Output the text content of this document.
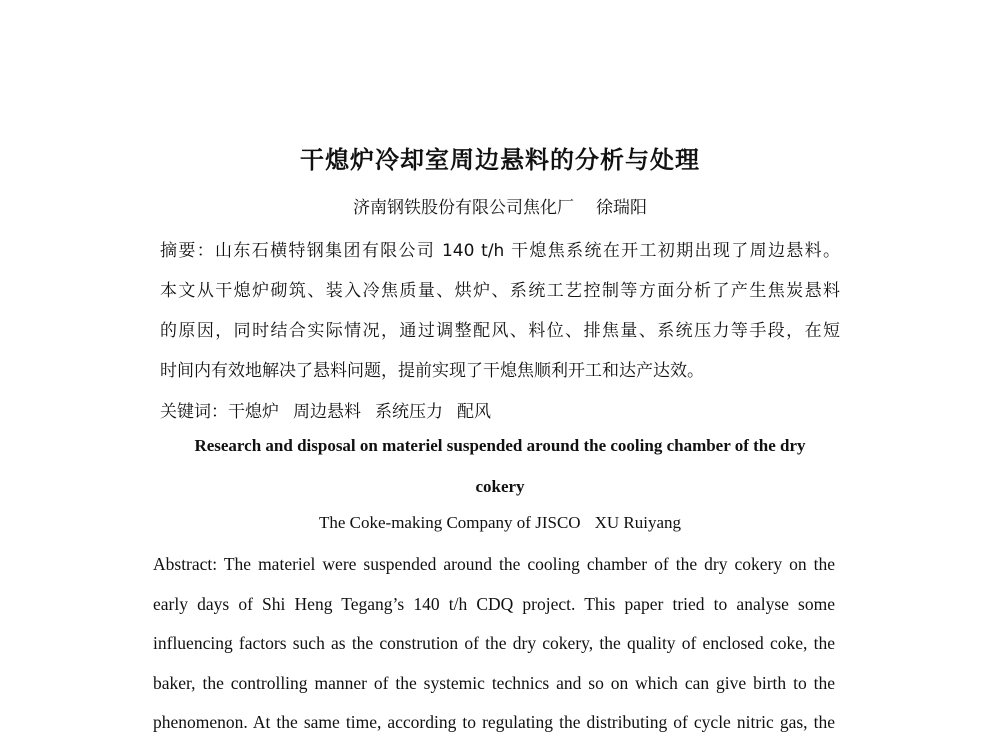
干熄炉冷却室周边悬料的分析与处理
济南钢铁股份有限公司焦化厂 徐瑞阳
摘要：山东石横特钢集团有限公司 140 t/h 干熄焦系统在开工初期出现了周边悬料。
本文从干熄炉砌筑、装入冷焦质量、烘炉、系统工艺控制等方面分析了产生焦炭悬料
的原因，同时结合实际情况，通过调整配风、料位、排焦量、系统压力等手段，在短
时间内有效地解决了悬料问题，提前实现了干熄焦顺利开工和达产达效。
关键词：干熄炉 周边悬料 系统压力 配风
Research and disposal on materiel suspended around the cooling chamber of the dry
cokery
The Coke-making Company of JISCO XU Ruiyang
Abstract: The materiel were suspended around the cooling chamber of the dry cokery on the
early days of Shi Heng Tegang’s 140 t/h CDQ project. This paper tried to analyse some
influencing factors such as the constrution of the dry cokery, the quality of enclosed coke, the
baker, the controlling manner of the systemic technics and so on which can give birth to the
phenomenon. At the same time, according to regulating the distributing of cycle nitric gas, the
